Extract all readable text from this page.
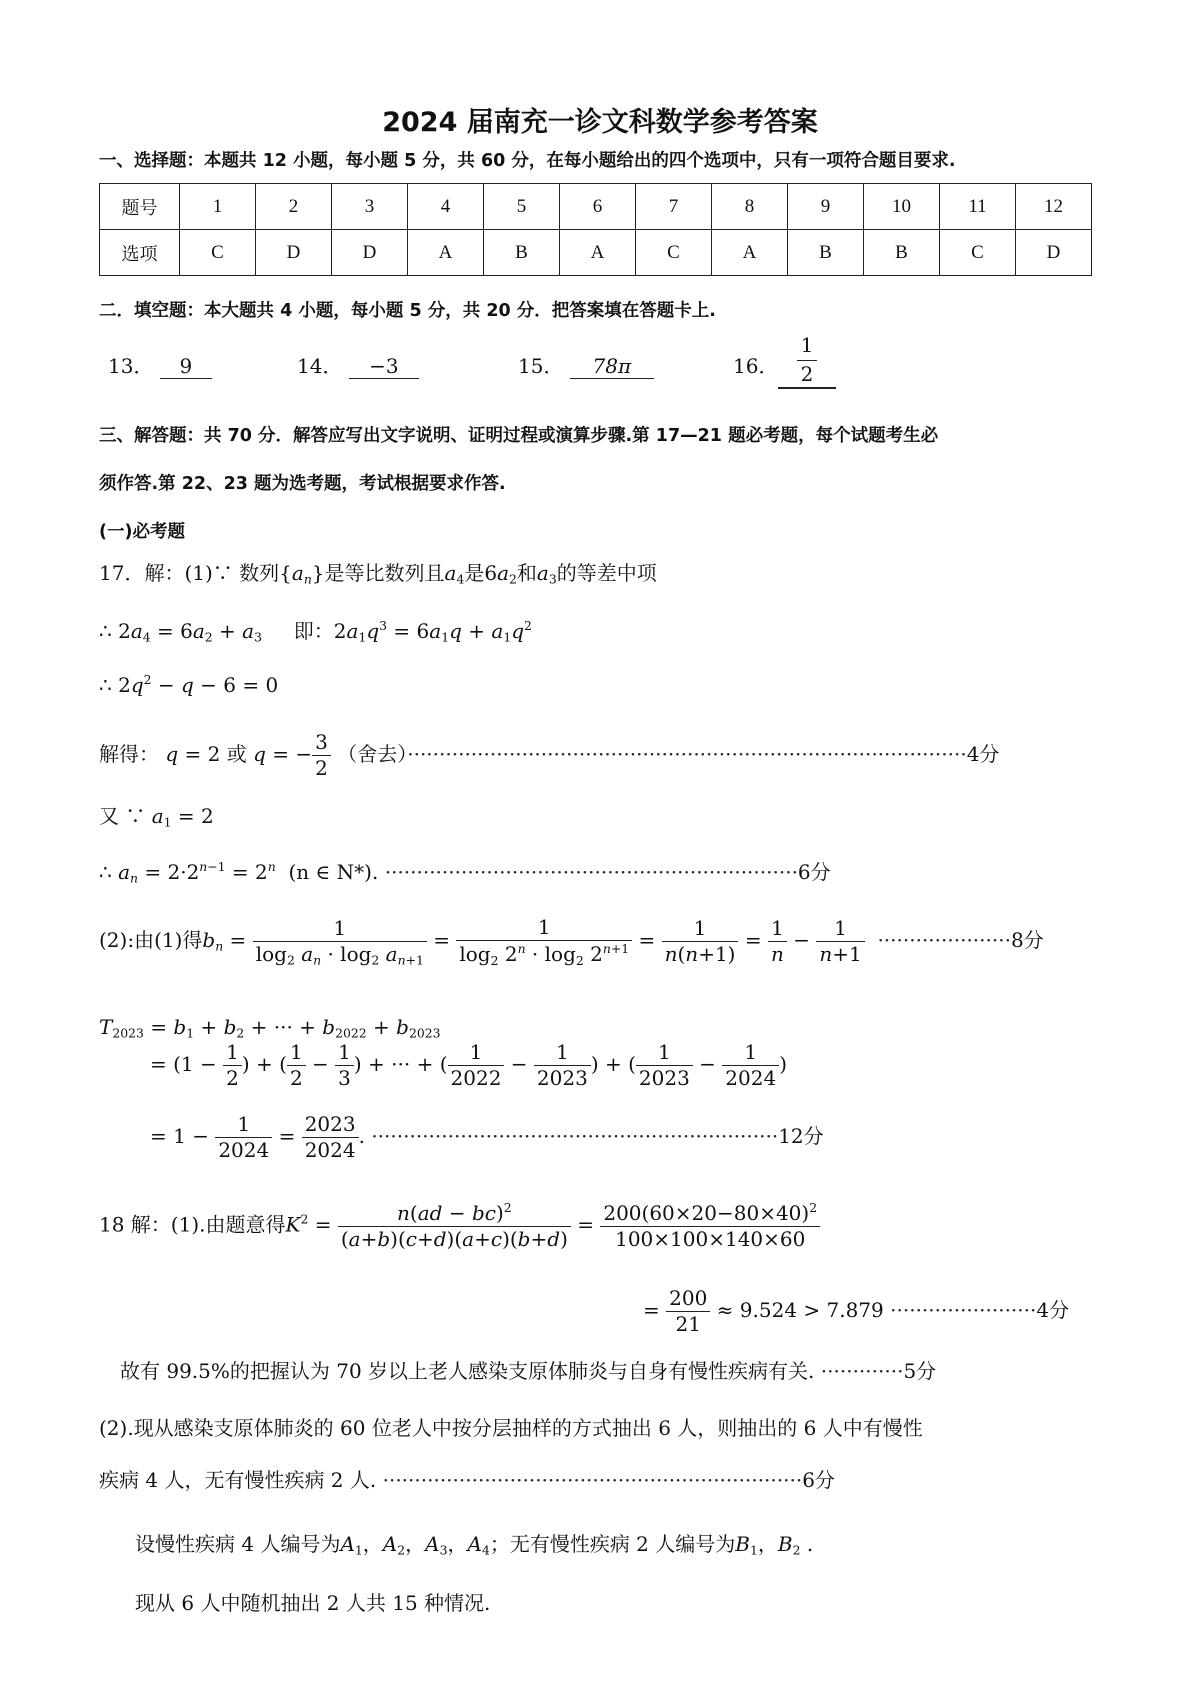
2024 届南充一诊文科数学参考答案
一、选择题：本题共 12 小题，每小题 5 分，共 60 分，在每小题给出的四个选项中，只有一项符合题目要求.
题号	1	2	3	4	5	6	7	8	9	10	11	12
选项	C	D	D	A	B	A	C	A	B	B	C	D
二．填空题：本大题共 4 小题，每小题 5 分，共 20 分．把答案填在答题卡上.
13． 9	14． −3	15． 78π	16．
1
2
三、解答题：共 70 分．解答应写出文字说明、证明过程或演算步骤.第 17—21 题必考题，每个试题考生必
须作答.第 22、23 题为选考题，考试根据要求作答.
(一)必考题
17．解：(1)∵ 数列$\{a_n\}$是等比数列且$a_4$是$6a_2$和$a_3$的等差中项
∴ $2a_4 = 6a_2 + a_3$ 即：$2a_1q^3 = 6a_1q + a_1q^2$
∴ $2q^2 - q - 6 = 0$
解得： q = 2 或 q = − $\frac{3}{2}$ （舍去）························································································4分
又 ∵ $a_1 = 2$
∴ $a_n = 2\cdot 2^{n-1} = 2^n$ (n ∈ N*). ·································································6分
(2):由(1)得$b_n = \frac{1}{\log_2 a_n \cdot \log_2 a_{n+1}} = \frac{1}{\log_2 2^n \cdot \log_2 2^{n+1}} = \frac{1}{n(n+1)} = \frac{1}{n} - \frac{1}{n+1} \cdot\cdot\cdot\cdot\cdot\cdot\cdot\cdot\cdot\cdot\cdot\cdot\cdot\cdot\cdot\cdot\cdot\cdot\cdot\cdot\cdot 8$分
$T_{2023} = b_1 + b_2$ + ··· + $b_{2022} + b_{2023}$
= ($1 - \frac{1}{2}$ ) + ( $\frac{1}{2} - \frac{1}{3}$ ) + ··· + ( $\frac{1}{2022} - \frac{1}{2023}$ ) + ( $\frac{1}{2023} - \frac{1}{2024}$ )
= $1 - \frac{1}{2024} = \frac{2023}{2024}$ . ································································12分
18 解：(1).由题意得$K^2 = \frac{n(ad - bc)^2}{(a+b)(c+d)(a+c)(b+d)} = \frac{200(60\times 20-80\times 40)^2}{100\times 100\times 140\times 60}$
= $\frac{200}{21} \approx 9.524 > 7.879 \cdot\cdot\cdot\cdot\cdot\cdot\cdot\cdot\cdot\cdot\cdot\cdot\cdot\cdot\cdot\cdot\cdot\cdot\cdot\cdot\cdot\cdot\cdot 4$分
故有 99.5%的把握认为 70 岁以上老人感染支原体肺炎与自身有慢性疾病有关. ·············5分
(2).现从感染支原体肺炎的 60 位老人中按分层抽样的方式抽出 6 人，则抽出的 6 人中有慢性
疾病 4 人，无有慢性疾病 2 人. ··································································6分
设慢性疾病 4 人编号为$A_1$，$A_2$，$A_3$，$A_4$；无有慢性疾病 2 人编号为$B_1$，$B_2$ .
现从 6 人中随机抽出 2 人共 15 种情况.
